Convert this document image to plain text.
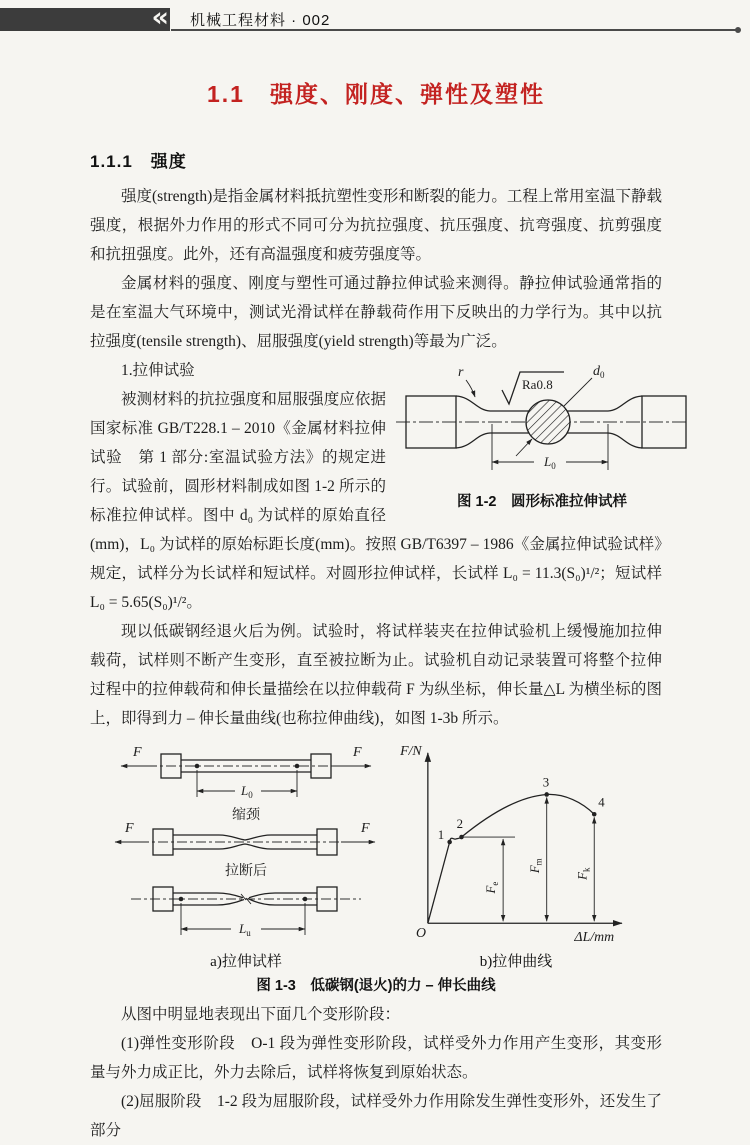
« 机械工程材料 · 002
1.1　强度、刚度、弹性及塑性
1.1.1　强度

强度(strength)是指金属材料抵抗塑性变形和断裂的能力。工程上常用室温下静载强度，根据外力作用的形式不同可分为抗拉强度、抗压强度、抗弯强度、抗剪强度和抗扭强度。此外，还有高温强度和疲劳强度等。

金属材料的强度、刚度与塑性可通过静拉伸试验来测得。静拉伸试验通常指的是在室温大气环境中，测试光滑试样在静载荷作用下反映出的力学行为。其中以抗拉强度(tensile strength)、屈服强度(yield strength)等最为广泛。

$d_0$
r
Ra0.8
$L_0$
图 1-2　圆形标准拉伸试样

1.拉伸试验

被测材料的抗拉强度和屈服强度应依据国家标准 GB/T228.1 – 2010《金属材料拉伸试验　第 1 部分:室温试验方法》的规定进行。试验前，圆形材料制成如图 1-2 所示的标准拉伸试样。图中 d₀ 为试样的原始直径(mm)，L₀ 为试样的原始标距长度(mm)。按照 GB/T6397 – 1986《金属拉伸试验试样》规定，试样分为长试样和短试样。对圆形拉伸试样，长试样 L₀ = 11.3(S₀)¹/²；短试样 L₀ = 5.65(S₀)¹/²。

现以低碳钢经退火后为例。试验时，将试样装夹在拉伸试验机上缓慢施加拉伸载荷，试样则不断产生变形，直至被拉断为止。试验机自动记录装置可将整个拉伸过程中的拉伸载荷和伸长量描绘在以拉伸载荷 F 为纵坐标，伸长量△L 为横坐标的图上，即得到力 – 伸长量曲线(也称拉伸曲线)，如图 1-3b 所示。

F	F
$L_0$
缩颈
F	F
拉断后
$L_u$
a)拉伸试样
F/N
ΔL/mm
O
1
2
3
4
$F_e$
$F_m$
$F_k$
b)拉伸曲线
图 1-3　低碳钢(退火)的力 – 伸长曲线

从图中明显地表现出下面几个变形阶段：

(1)弹性变形阶段　O-1 段为弹性变形阶段，试样受外力作用产生变形，其变形量与外力成正比，外力去除后，试样将恢复到原始状态。

(2)屈服阶段　1-2 段为屈服阶段，试样受外力作用除发生弹性变形外，还发生了部分
